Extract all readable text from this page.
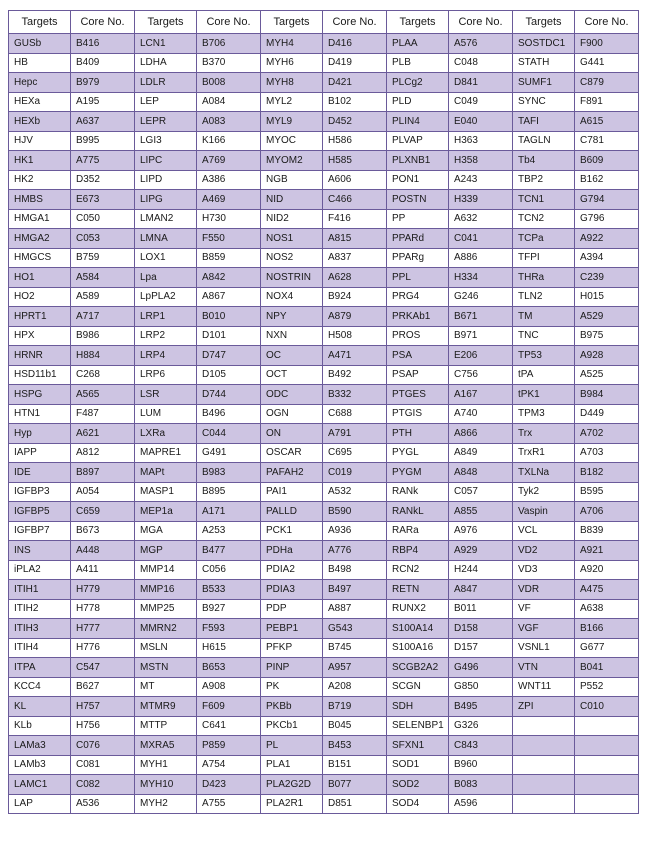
Targets	Core No.	Targets	Core No.	Targets	Core No.	Targets	Core No.	Targets	Core No.
GUSb	B416	LCN1	B706	MYH4	D416	PLAA	A576	SOSTDC1	F900
HB	B409	LDHA	B370	MYH6	D419	PLB	C048	STATH	G441
Hepc	B979	LDLR	B008	MYH8	D421	PLCg2	D841	SUMF1	C879
HEXa	A195	LEP	A084	MYL2	B102	PLD	C049	SYNC	F891
HEXb	A637	LEPR	A083	MYL9	D452	PLIN4	E040	TAFI	A615
HJV	B995	LGI3	K166	MYOC	H586	PLVAP	H363	TAGLN	C781
HK1	A775	LIPC	A769	MYOM2	H585	PLXNB1	H358	Tb4	B609
HK2	D352	LIPD	A386	NGB	A606	PON1	A243	TBP2	B162
HMBS	E673	LIPG	A469	NID	C466	POSTN	H339	TCN1	G794
HMGA1	C050	LMAN2	H730	NID2	F416	PP	A632	TCN2	G796
HMGA2	C053	LMNA	F550	NOS1	A815	PPARd	C041	TCPa	A922
HMGCS	B759	LOX1	B859	NOS2	A837	PPARg	A886	TFPI	A394
HO1	A584	Lpa	A842	NOSTRIN	A628	PPL	H334	THRa	C239
HO2	A589	LpPLA2	A867	NOX4	B924	PRG4	G246	TLN2	H015
HPRT1	A717	LRP1	B010	NPY	A879	PRKAb1	B671	TM	A529
HPX	B986	LRP2	D101	NXN	H508	PROS	B971	TNC	B975
HRNR	H884	LRP4	D747	OC	A471	PSA	E206	TP53	A928
HSD11b1	C268	LRP6	D105	OCT	B492	PSAP	C756	tPA	A525
HSPG	A565	LSR	D744	ODC	B332	PTGES	A167	tPK1	B984
HTN1	F487	LUM	B496	OGN	C688	PTGIS	A740	TPM3	D449
Hyp	A621	LXRa	C044	ON	A791	PTH	A866	Trx	A702
IAPP	A812	MAPRE1	G491	OSCAR	C695	PYGL	A849	TrxR1	A703
IDE	B897	MAPt	B983	PAFAH2	C019	PYGM	A848	TXLNa	B182
IGFBP3	A054	MASP1	B895	PAI1	A532	RANk	C057	Tyk2	B595
IGFBP5	C659	MEP1a	A171	PALLD	B590	RANkL	A855	Vaspin	A706
IGFBP7	B673	MGA	A253	PCK1	A936	RARa	A976	VCL	B839
INS	A448	MGP	B477	PDHa	A776	RBP4	A929	VD2	A921
iPLA2	A411	MMP14	C056	PDIA2	B498	RCN2	H244	VD3	A920
ITIH1	H779	MMP16	B533	PDIA3	B497	RETN	A847	VDR	A475
ITIH2	H778	MMP25	B927	PDP	A887	RUNX2	B011	VF	A638
ITIH3	H777	MMRN2	F593	PEBP1	G543	S100A14	D158	VGF	B166
ITIH4	H776	MSLN	H615	PFKP	B745	S100A16	D157	VSNL1	G677
ITPA	C547	MSTN	B653	PINP	A957	SCGB2A2	G496	VTN	B041
KCC4	B627	MT	A908	PK	A208	SCGN	G850	WNT11	P552
KL	H757	MTMR9	F609	PKBb	B719	SDH	B495	ZPI	C010
KLb	H756	MTTP	C641	PKCb1	B045	SELENBP1	G326		
LAMa3	C076	MXRA5	P859	PL	B453	SFXN1	C843		
LAMb3	C081	MYH1	A754	PLA1	B151	SOD1	B960		
LAMC1	C082	MYH10	D423	PLA2G2D	B077	SOD2	B083		
LAP	A536	MYH2	A755	PLA2R1	D851	SOD4	A596		
